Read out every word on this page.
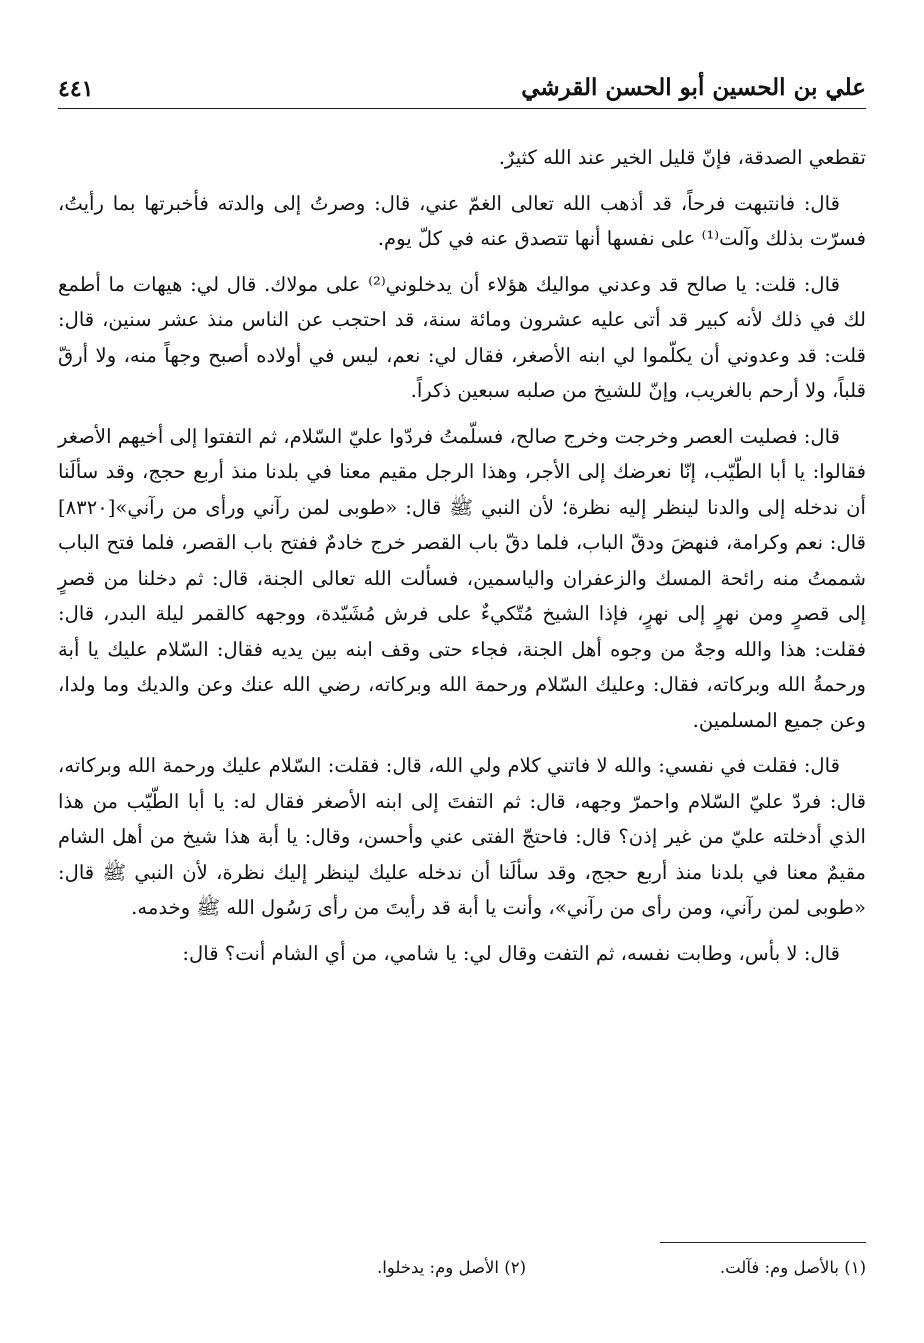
علي بن الحسين أبو الحسن القرشي
٤٤١

تقطعي الصدقة، فإنّ قليل الخير عند الله كثيرٌ.

قال: فانتبهت فرحاً، قد أذهب الله تعالى الغمّ عني، قال: وصرتُ إلى والدته فأخبرتها بما رأيتُ، فسرّت بذلك وآلت⁽¹⁾ على نفسها أنها تتصدق عنه في كلّ يوم.

قال: قلت: يا صالح قد وعدني مواليك هؤلاء أن يدخلوني⁽²⁾ على مولاك. قال لي: هيهات ما أطمع لك في ذلك لأنه كبير قد أتى عليه عشرون ومائة سنة، قد احتجب عن الناس منذ عشر سنين، قال: قلت: قد وعدوني أن يكلّموا لي ابنه الأصغر، فقال لي: نعم، ليس في أولاده أصبح وجهاً منه، ولا أرقّ قلباً، ولا أرحم بالغريب، وإنّ للشيخ من صلبه سبعين ذكراً.

قال: فصليت العصر وخرجت وخرج صالح، فسلّمتُ فردّوا عليّ السّلام، ثم التفتوا إلى أخيهم الأصغر فقالوا: يا أبا الطّيّب، إنّا نعرضك إلى الأجر، وهذا الرجل مقيم معنا في بلدنا منذ أربع حجج، وقد سألَنا أن ندخله إلى والدنا لينظر إليه نظرة؛ لأن النبي ﷺ قال: «طوبى لمن رآني ورأى من رآني»[٨٣٢٠] قال: نعم وكرامة، فنهضَ ودقّ الباب، فلما دقّ باب القصر خرج خادمٌ ففتح باب القصر، فلما فتح الباب شممتُ منه رائحة المسك والزعفران والياسمين، فسألت الله تعالى الجنة، قال: ثم دخلنا من قصرٍ إلى قصرٍ ومن نهرٍ إلى نهرٍ، فإذا الشيخ مُتّكيءٌ على فرش مُشَيّدة، ووجهه كالقمر ليلة البدر، قال: فقلت: هذا والله وجهٌ من وجوه أهل الجنة، فجاء حتى وقف ابنه بين يديه فقال: السّلام عليك يا أبة ورحمةُ الله وبركاته، فقال: وعليك السّلام ورحمة الله وبركاته، رضي الله عنك وعن والديك وما ولدا، وعن جميع المسلمين.

قال: فقلت في نفسي: والله لا فاتني كلام ولي الله، قال: فقلت: السّلام عليك ورحمة الله وبركاته، قال: فردّ عليّ السّلام واحمرّ وجهه، قال: ثم التفتَ إلى ابنه الأصغر فقال له: يا أبا الطّيّب من هذا الذي أدخلته عليّ من غير إذن؟ قال: فاحتجّ الفتى عني وأحسن، وقال: يا أبة هذا شيخ من أهل الشام مقيمٌ معنا في بلدنا منذ أربع حجج، وقد سألَنا أن ندخله عليك لينظر إليك نظرة، لأن النبي ﷺ قال: «طوبى لمن رآني، ومن رأى من رآني»، وأنت يا أبة قد رأيتَ من رأى رَسُول الله ﷺ وخدمه.

قال: لا بأس، وطابت نفسه، ثم التفت وقال لي: يا شامي، من أي الشام أنت؟ قال:

(١) بالأصل وم: فآلت.
(٢) الأصل وم: يدخلوا.
